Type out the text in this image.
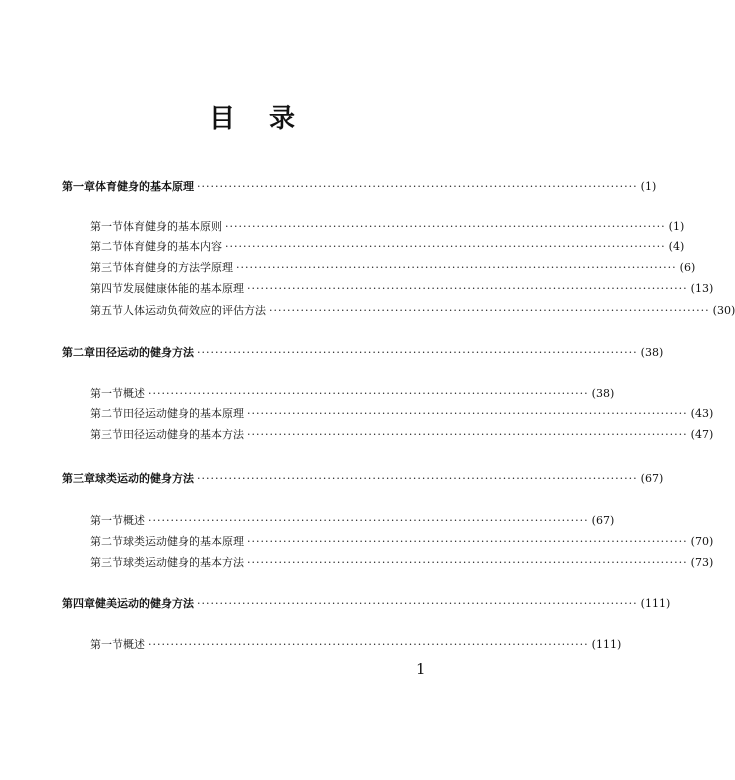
目录
第一章 体育健身的基本原理 ·································································································· (1)
第一节 体育健身的基本原则 ·································································································· (1)
第二节 体育健身的基本内容 ·································································································· (4)
第三节 体育健身的方法学原理 ·································································································· (6)
第四节 发展健康体能的基本原理 ·································································································· (13)
第五节 人体运动负荷效应的评估方法 ·································································································· (30)
第二章 田径运动的健身方法 ·································································································· (38)
第一节 概述 ·································································································· (38)
第二节 田径运动健身的基本原理 ·································································································· (43)
第三节 田径运动健身的基本方法 ·································································································· (47)
第三章 球类运动的健身方法 ·································································································· (67)
第一节 概述 ·································································································· (67)
第二节 球类运动健身的基本原理 ·································································································· (70)
第三节 球类运动健身的基本方法 ·································································································· (73)
第四章 健美运动的健身方法 ·································································································· (111)
第一节 概述 ·································································································· (111)
1
